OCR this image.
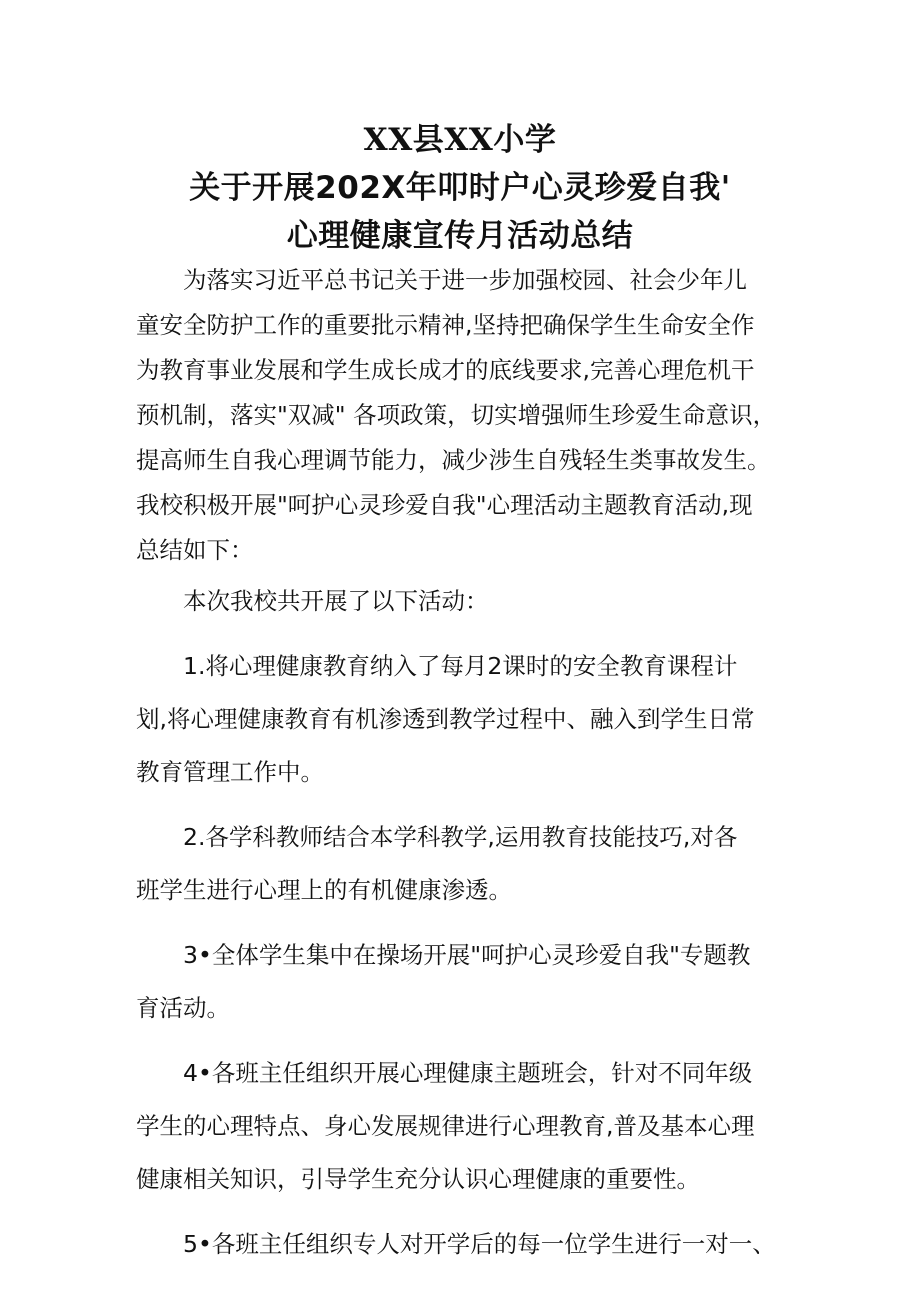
XX县XX小学
关于开展202X年叩时户心灵珍爱自我'
心理健康宣传月活动总结

为落实习近平总书记关于进一步加强校园、社会少年儿
童安全防护工作的重要批示精神,坚持把确保学生生命安全作
为教育事业发展和学生成长成才的底线要求,完善心理危机干
预机制，落实"双减" 各项政策，切实增强师生珍爱生命意识，
提高师生自我心理调节能力，减少涉生自残轻生类事故发生。
我校积极开展"呵护心灵珍爱自我"心理活动主题教育活动,现
总结如下：

本次我校共开展了以下活动：

1.将心理健康教育纳入了每月2课时的安全教育课程计
划,将心理健康教育有机渗透到教学过程中、融入到学生日常
教育管理工作中。

2.各学科教师结合本学科教学,运用教育技能技巧,对各
班学生进行心理上的有机健康渗透。

3•全体学生集中在操场开展"呵护心灵珍爱自我"专题教
育活动。

4•各班主任组织开展心理健康主题班会，针对不同年级
学生的心理特点、身心发展规律进行心理教育,普及基本心理
健康相关知识，引导学生充分认识心理健康的重要性。

5•各班主任组织专人对开学后的每一位学生进行一对一、
